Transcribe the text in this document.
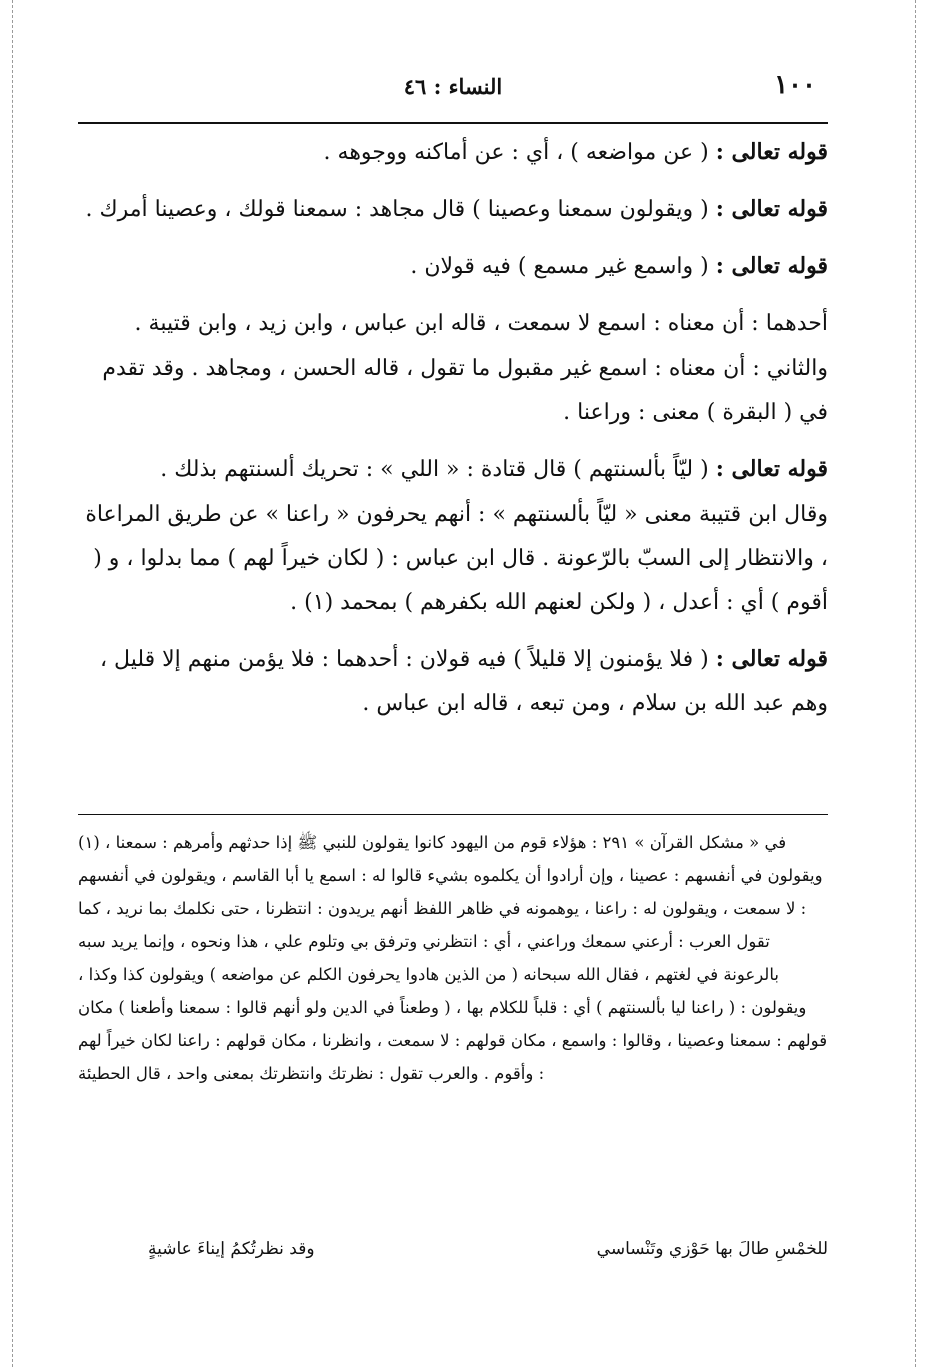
١٠٠
النساء : ٤٦

قوله تعالى : ( عن مواضعه ) ، أي : عن أماكنه ووجوهه .

قوله تعالى : ( ويقولون سمعنا وعصينا ) قال مجاهد : سمعنا قولك ، وعصينا أمرك .

قوله تعالى : ( واسمع غير مسمع ) فيه قولان .

أحدهما : أن معناه : اسمع لا سمعت ، قاله ابن عباس ، وابن زيد ، وابن قتيبة .

والثاني : أن معناه : اسمع غير مقبول ما تقول ، قاله الحسن ، ومجاهد . وقد تقدم في ( البقرة ) معنى : وراعنا .

قوله تعالى : ( ليّاً بألسنتهم ) قال قتادة : « اللي » : تحريك ألسنتهم بذلك .

وقال ابن قتيبة معنى « ليّاً بألسنتهم » : أنهم يحرفون « راعنا » عن طريق المراعاة ، والانتظار إلى السبّ بالرّعونة . قال ابن عباس : ( لكان خيراً لهم ) مما بدلوا ، و ( أقوم ) أي : أعدل ، ( ولكن لعنهم الله بكفرهم ) بمحمد (١) .

قوله تعالى : ( فلا يؤمنون إلا قليلاً ) فيه قولان : أحدهما : فلا يؤمن منهم إلا قليل ، وهم عبد الله بن سلام ، ومن تبعه ، قاله ابن عباس .

(١) في « مشكل القرآن » ٢٩١ : هؤلاء قوم من اليهود كانوا يقولون للنبي ﷺ إذا حدثهم وأمرهم : سمعنا ، ويقولون في أنفسهم : عصينا ، وإن أرادوا أن يكلموه بشيء قالوا له : اسمع يا أبا القاسم ، ويقولون في أنفسهم : لا سمعت ، ويقولون له : راعنا ، يوهمونه في ظاهر اللفظ أنهم يريدون : انتظرنا ، حتى نكلمك بما نريد ، كما تقول العرب : أرعني سمعك وراعني ، أي : انتظرني وترفق بي وتلوم علي ، هذا ونحوه ، وإنما يريد سبه بالرعونة في لغتهم ، فقال الله سبحانه ( من الذين هادوا يحرفون الكلم عن مواضعه ) ويقولون كذا وكذا ، ويقولون : ( راعنا ليا بألسنتهم ) أي : قلباً للكلام بها ، ( وطعناً في الدين ولو أنهم قالوا : سمعنا وأطعنا ) مكان قولهم : سمعنا وعصينا ، وقالوا : واسمع ، مكان قولهم : لا سمعت ، وانظرنا ، مكان قولهم : راعنا لكان خيراً لهم وأقوم . والعرب تقول : نظرتك وانتظرتك بمعنى واحد ، قال الحطيئة :

وقد نظرتُكمُ إيناءَ عاشيةٍ	للخمْسِ طالَ بها حَوْزي وتَنْساسي
